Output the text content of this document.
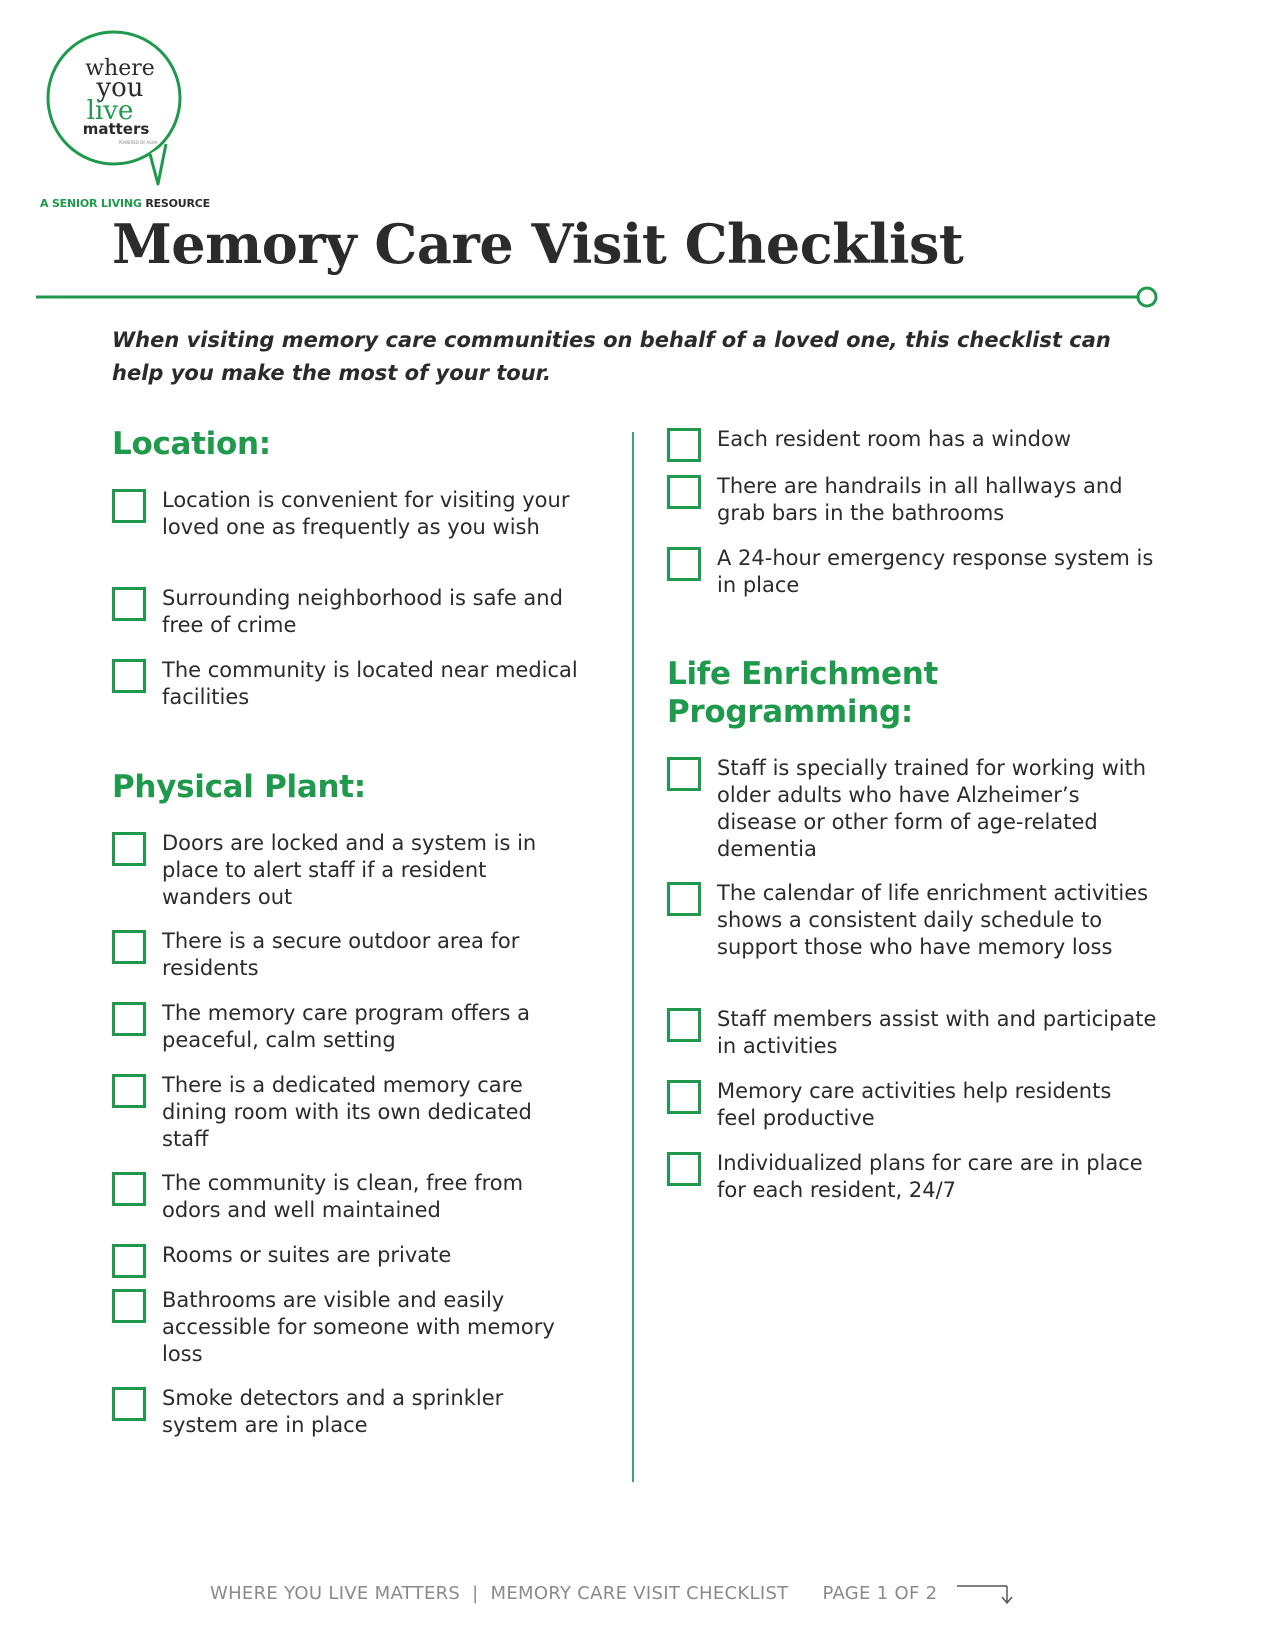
where
you
live
matters
POWERED BY ASHA
A SENIOR LIVING RESOURCE
Memory Care Visit Checklist

When visiting memory care communities on behalf of a loved one, this checklist can help you make the most of your tour.

Location:
Location is convenient for visiting your loved one as frequently as you wish
Surrounding neighborhood is safe and free of crime
The community is located near medical facilities
Physical Plant:
Doors are locked and a system is in place to alert staff if a resident wanders out
There is a secure outdoor area for residents
The memory care program offers a peaceful, calm setting
There is a dedicated memory care dining room with its own dedicated staff
The community is clean, free from odors and well maintained
Rooms or suites are private
Bathrooms are visible and easily accessible for someone with memory loss
Smoke detectors and a sprinkler system are in place
Each resident room has a window
There are handrails in all hallways and grab bars in the bathrooms
A 24-hour emergency response system is in place
Life Enrichment Programming:
Staff is specially trained for working with older adults who have Alzheimer’s disease or other form of age-related dementia
The calendar of life enrichment activities shows a consistent daily schedule to support those who have memory loss
Staff members assist with and participate in activities
Memory care activities help residents feel productive
Individualized plans for care are in place for each resident, 24/7
WHERE YOU LIVE MATTERS | MEMORY CARE VISIT CHECKLIST PAGE 1 OF 2
